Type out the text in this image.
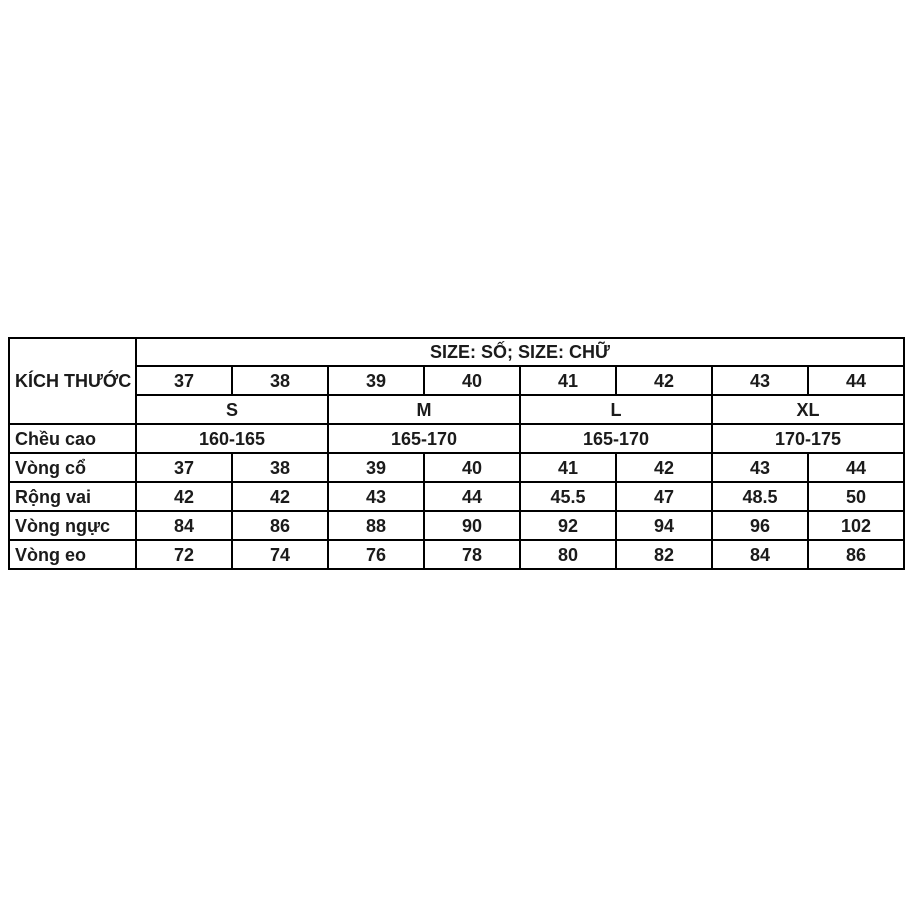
KÍCH THƯỚC	SIZE: SỐ; SIZE: CHỮ							
	37	38	39	40	41	42	43	44
	S		M		L		XL	
Chều cao	160-165		165-170		165-170		170-175	
Vòng cổ	37	38	39	40	41	42	43	44
Rộng vai	42	42	43	44	45.5	47	48.5	50
Vòng ngực	84	86	88	90	92	94	96	102
Vòng eo	72	74	76	78	80	82	84	86
